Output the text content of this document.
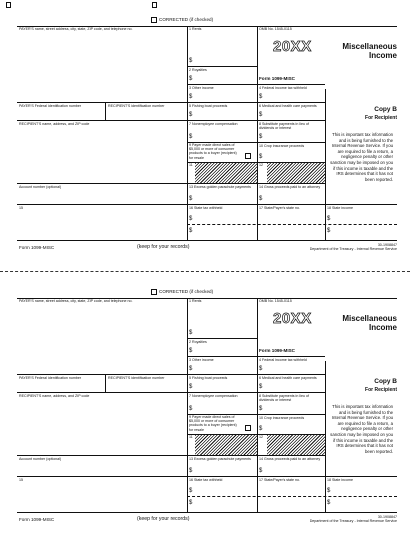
CORRECTED (if checked)
PAYER'S name, street address, city, state, ZIP code, and telephone no.
PAYER'S Federal identification number	RECIPIENT'S identification number
RECIPIENT'S name, address, and ZIP code
Account number (optional)
15
1 Rents
$
2 Royalties
$
3 Other income
$
5 Fishing boat proceeds
$
7 Nonemployee compensation
$
9 Payer made direct sales of $5,000 or more of consumer products to a buyer (recipient) for resale
11
13 Excess golden parachute payments
$
16 State tax withheld
$
$
OMB No. 1545-0115
20XX
Form 1099-MISC
4 Federal income tax withheld
$
6 Medical and health care payments
$
8 Substitute payments in lieu of dividends or interest
$
10 Crop insurance proceeds
$
12
14 Gross proceeds paid to an attorney
$
17 State/Payer's state no.	18 State income
$
$
Miscellaneous
Income
Copy B
For Recipient
This is important tax information and is being furnished to the Internal Revenue Service. If you are required to file a return, a negligence penalty or other sanction may be imposed on you if this income is taxable and the IRS determines that it has not been reported.
Form 1099-MISC	(keep for your records)	30-1908847
Department of the Treasury - Internal Revenue Service
CORRECTED (if checked)
PAYER'S name, street address, city, state, ZIP code, and telephone no.
PAYER'S Federal identification number	RECIPIENT'S identification number
RECIPIENT'S name, address, and ZIP code
Account number (optional)
15
1 Rents
$
2 Royalties
$
3 Other income
$
5 Fishing boat proceeds
$
7 Nonemployee compensation
$
9 Payer made direct sales of $5,000 or more of consumer products to a buyer (recipient) for resale
11
13 Excess golden parachute payments
$
16 State tax withheld
$
$
OMB No. 1545-0115
20XX
Form 1099-MISC
4 Federal income tax withheld
$
6 Medical and health care payments
$
8 Substitute payments in lieu of dividends or interest
$
10 Crop insurance proceeds
$
12
14 Gross proceeds paid to an attorney
$
17 State/Payer's state no.	18 State income
$
$
Miscellaneous
Income
Copy B
For Recipient
This is important tax information and is being furnished to the Internal Revenue Service. If you are required to file a return, a negligence penalty or other sanction may be imposed on you if this income is taxable and the IRS determines that it has not been reported.
Form 1099-MISC	(keep for your records)	30-1908847
Department of the Treasury - Internal Revenue Service
